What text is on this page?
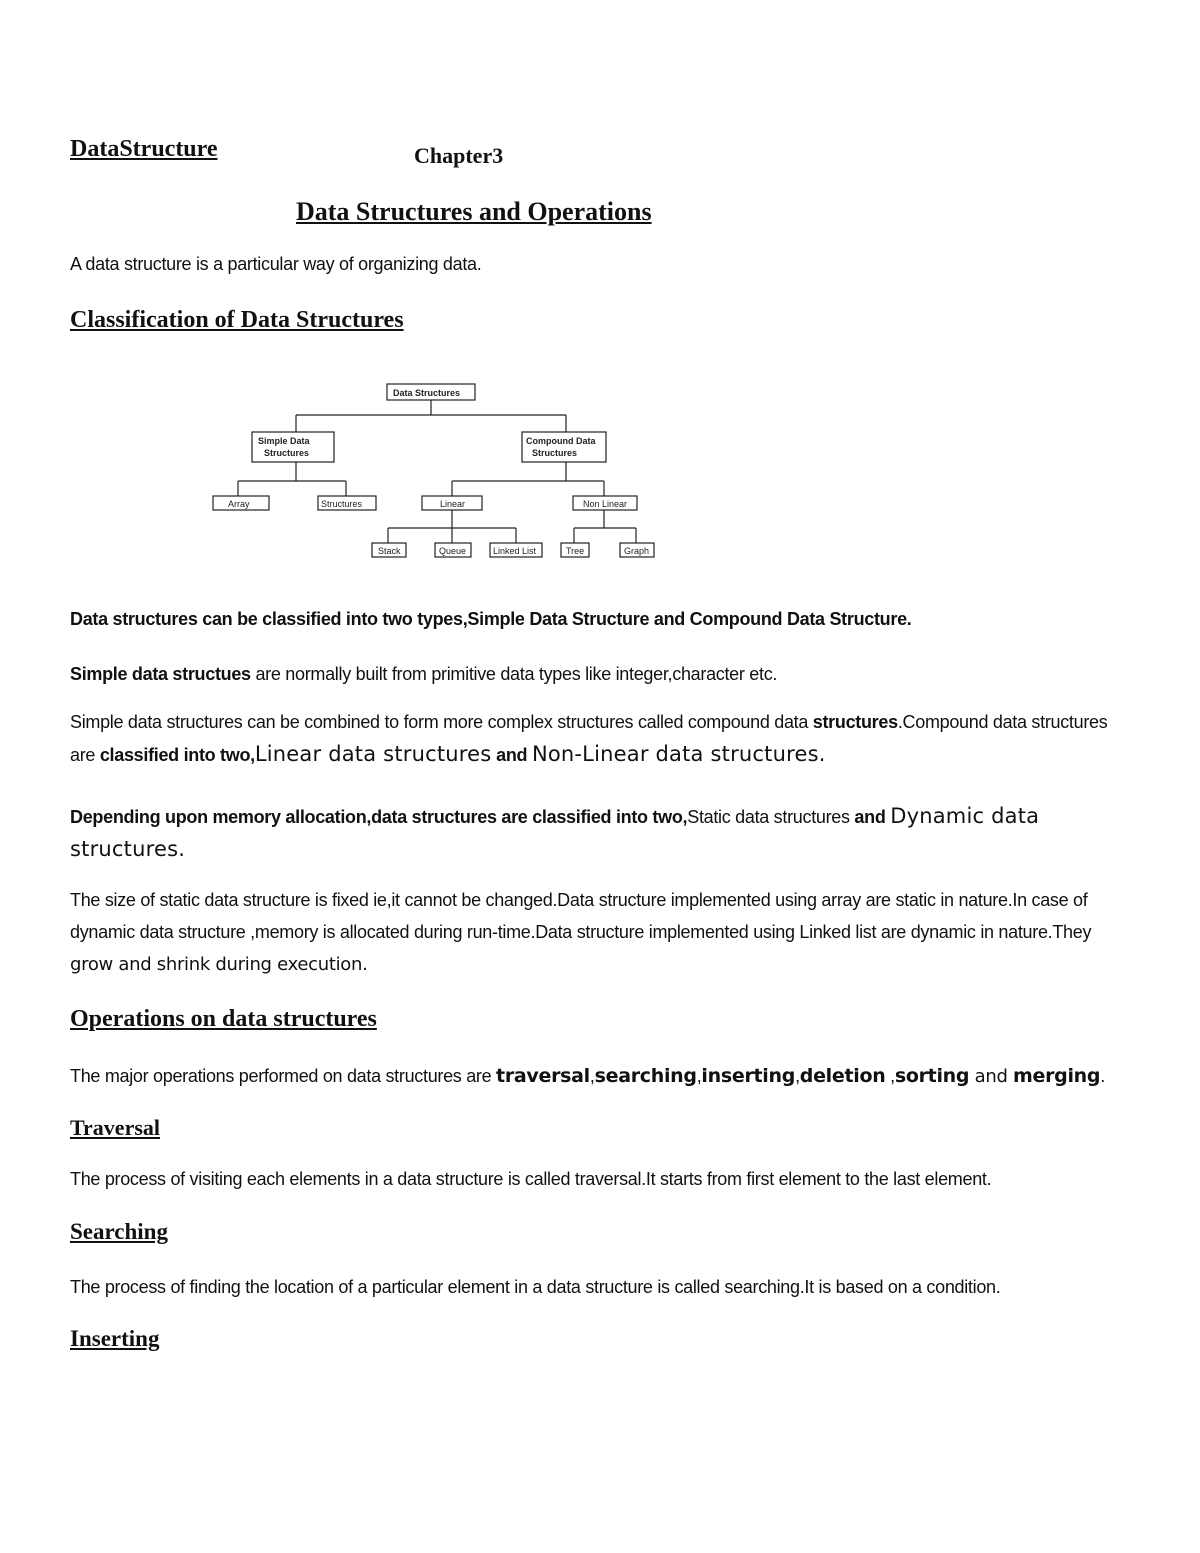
DataStructure	Chapter3
Data Structures and Operations
A data structure is a particular way of organizing data.
Classification of Data Structures
Data Structures
Simple Data Structures
Compound Data Structures
Array	Structures	Linear	Non Linear
Stack	Queue	Linked List	Tree	Graph

Data structures can be classified into two types,Simple Data Structure and Compound Data Structure.

Simple data structues are normally built from primitive data types like integer,character etc.

Simple data structures can be combined to form more complex structures called compound data structures.Compound data structures are classified into two,Linear data structures and Non-Linear data structures.

Depending upon memory allocation,data structures are classified into two,Static data structures and Dynamic data structures.

The size of static data structure is fixed ie,it cannot be changed.Data structure implemented using array are static in nature.In case of dynamic data structure ,memory is allocated during run-time.Data structure implemented using Linked list are dynamic in nature.They grow and shrink during execution.

Operations on data structures

The major operations performed on data structures are traversal,searching,inserting,deletion ,sorting and merging.

Traversal

The process of visiting each elements in a data structure is called traversal.It starts from first element to the last element.

Searching

The process of finding the location of a particular element in a data structure is called searching.It is based on a condition.

Inserting
